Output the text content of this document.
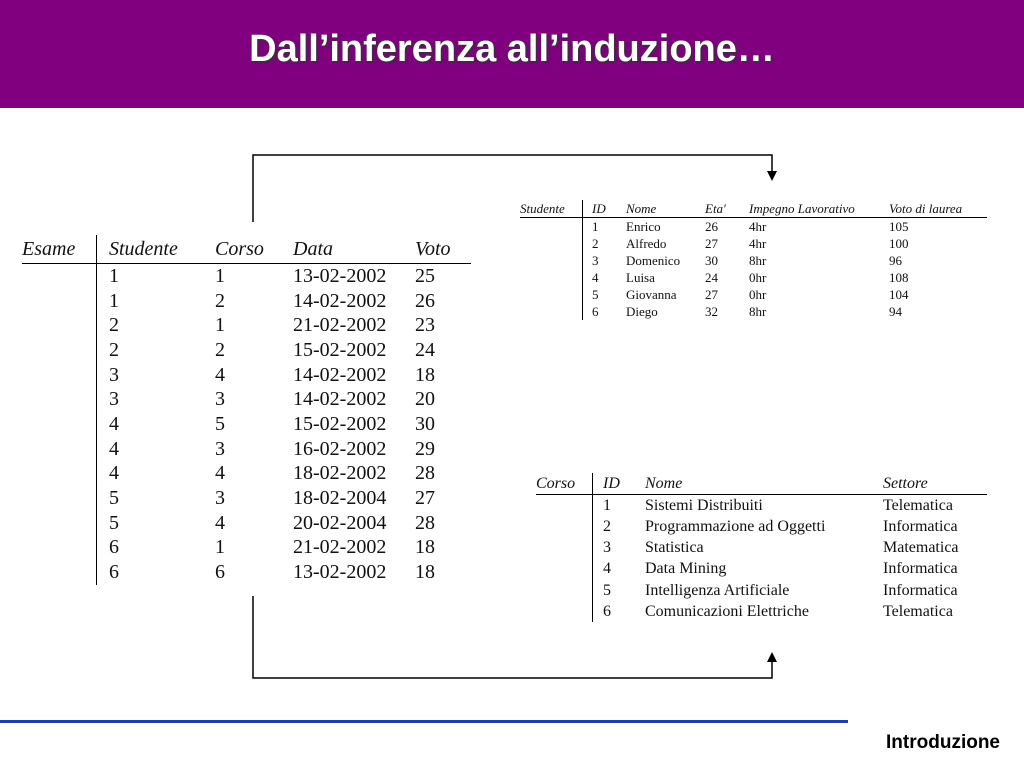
Dall’inferenza all’induzione…
Esame	Studente	Corso	Data	Voto
	1	1	13-02-2002	25
	1	2	14-02-2002	26
	2	1	21-02-2002	23
	2	2	15-02-2002	24
	3	4	14-02-2002	18
	3	3	14-02-2002	20
	4	5	15-02-2002	30
	4	3	16-02-2002	29
	4	4	18-02-2002	28
	5	3	18-02-2004	27
	5	4	20-02-2004	28
	6	1	21-02-2002	18
	6	6	13-02-2002	18
Studente	ID	Nome	Eta′	Impegno Lavorativo	Voto di laurea
	1	Enrico	26	4hr	105
	2	Alfredo	27	4hr	100
	3	Domenico	30	8hr	96
	4	Luisa	24	0hr	108
	5	Giovanna	27	0hr	104
	6	Diego	32	8hr	94
Corso	ID	Nome	Settore
	1	Sistemi Distribuiti	Telematica
	2	Programmazione ad Oggetti	Informatica
	3	Statistica	Matematica
	4	Data Mining	Informatica
	5	Intelligenza Artificiale	Informatica
	6	Comunicazioni Elettriche	Telematica
Introduzione
